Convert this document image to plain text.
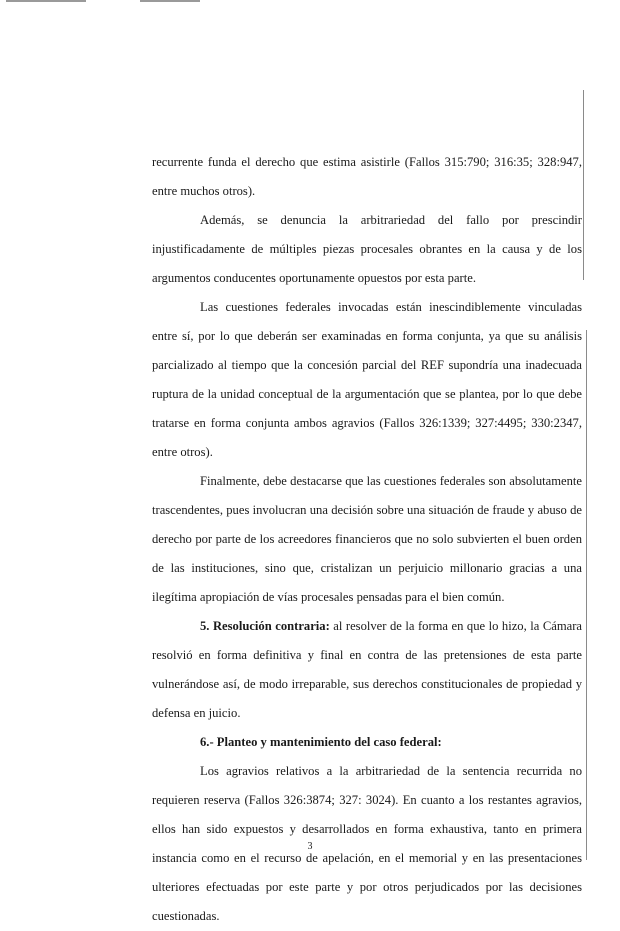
recurrente funda el derecho que estima asistirle (Fallos 315:790; 316:35; 328:947, entre muchos otros).

Además, se denuncia la arbitrariedad del fallo por prescindir injustificadamente de múltiples piezas procesales obrantes en la causa y de los argumentos conducentes oportunamente opuestos por esta parte.

Las cuestiones federales invocadas están inescindiblemente vinculadas entre sí, por lo que deberán ser examinadas en forma conjunta, ya que su análisis parcializado al tiempo que la concesión parcial del REF supondría una inadecuada ruptura de la unidad conceptual de la argumentación que se plantea, por lo que debe tratarse en forma conjunta ambos agravios (Fallos 326:1339; 327:4495; 330:2347, entre otros).

Finalmente, debe destacarse que las cuestiones federales son absolutamente trascendentes, pues involucran una decisión sobre una situación de fraude y abuso de derecho por parte de los acreedores financieros que no solo subvierten el buen orden de las instituciones, sino que, cristalizan un perjuicio millonario gracias a una ilegítima apropiación de vías procesales pensadas para el bien común.

5. Resolución contraria: al resolver de la forma en que lo hizo, la Cámara resolvió en forma definitiva y final en contra de las pretensiones de esta parte vulnerándose así, de modo irreparable, sus derechos constitucionales de propiedad y defensa en juicio.

6.- Planteo y mantenimiento del caso federal:

Los agravios relativos a la arbitrariedad de la sentencia recurrida no requieren reserva (Fallos 326:3874; 327: 3024). En cuanto a los restantes agravios, ellos han sido expuestos y desarrollados en forma exhaustiva, tanto en primera instancia como en el recurso de apelación, en el memorial y en las presentaciones ulteriores efectuadas por este parte y por otros perjudicados por las decisiones cuestionadas.

3
